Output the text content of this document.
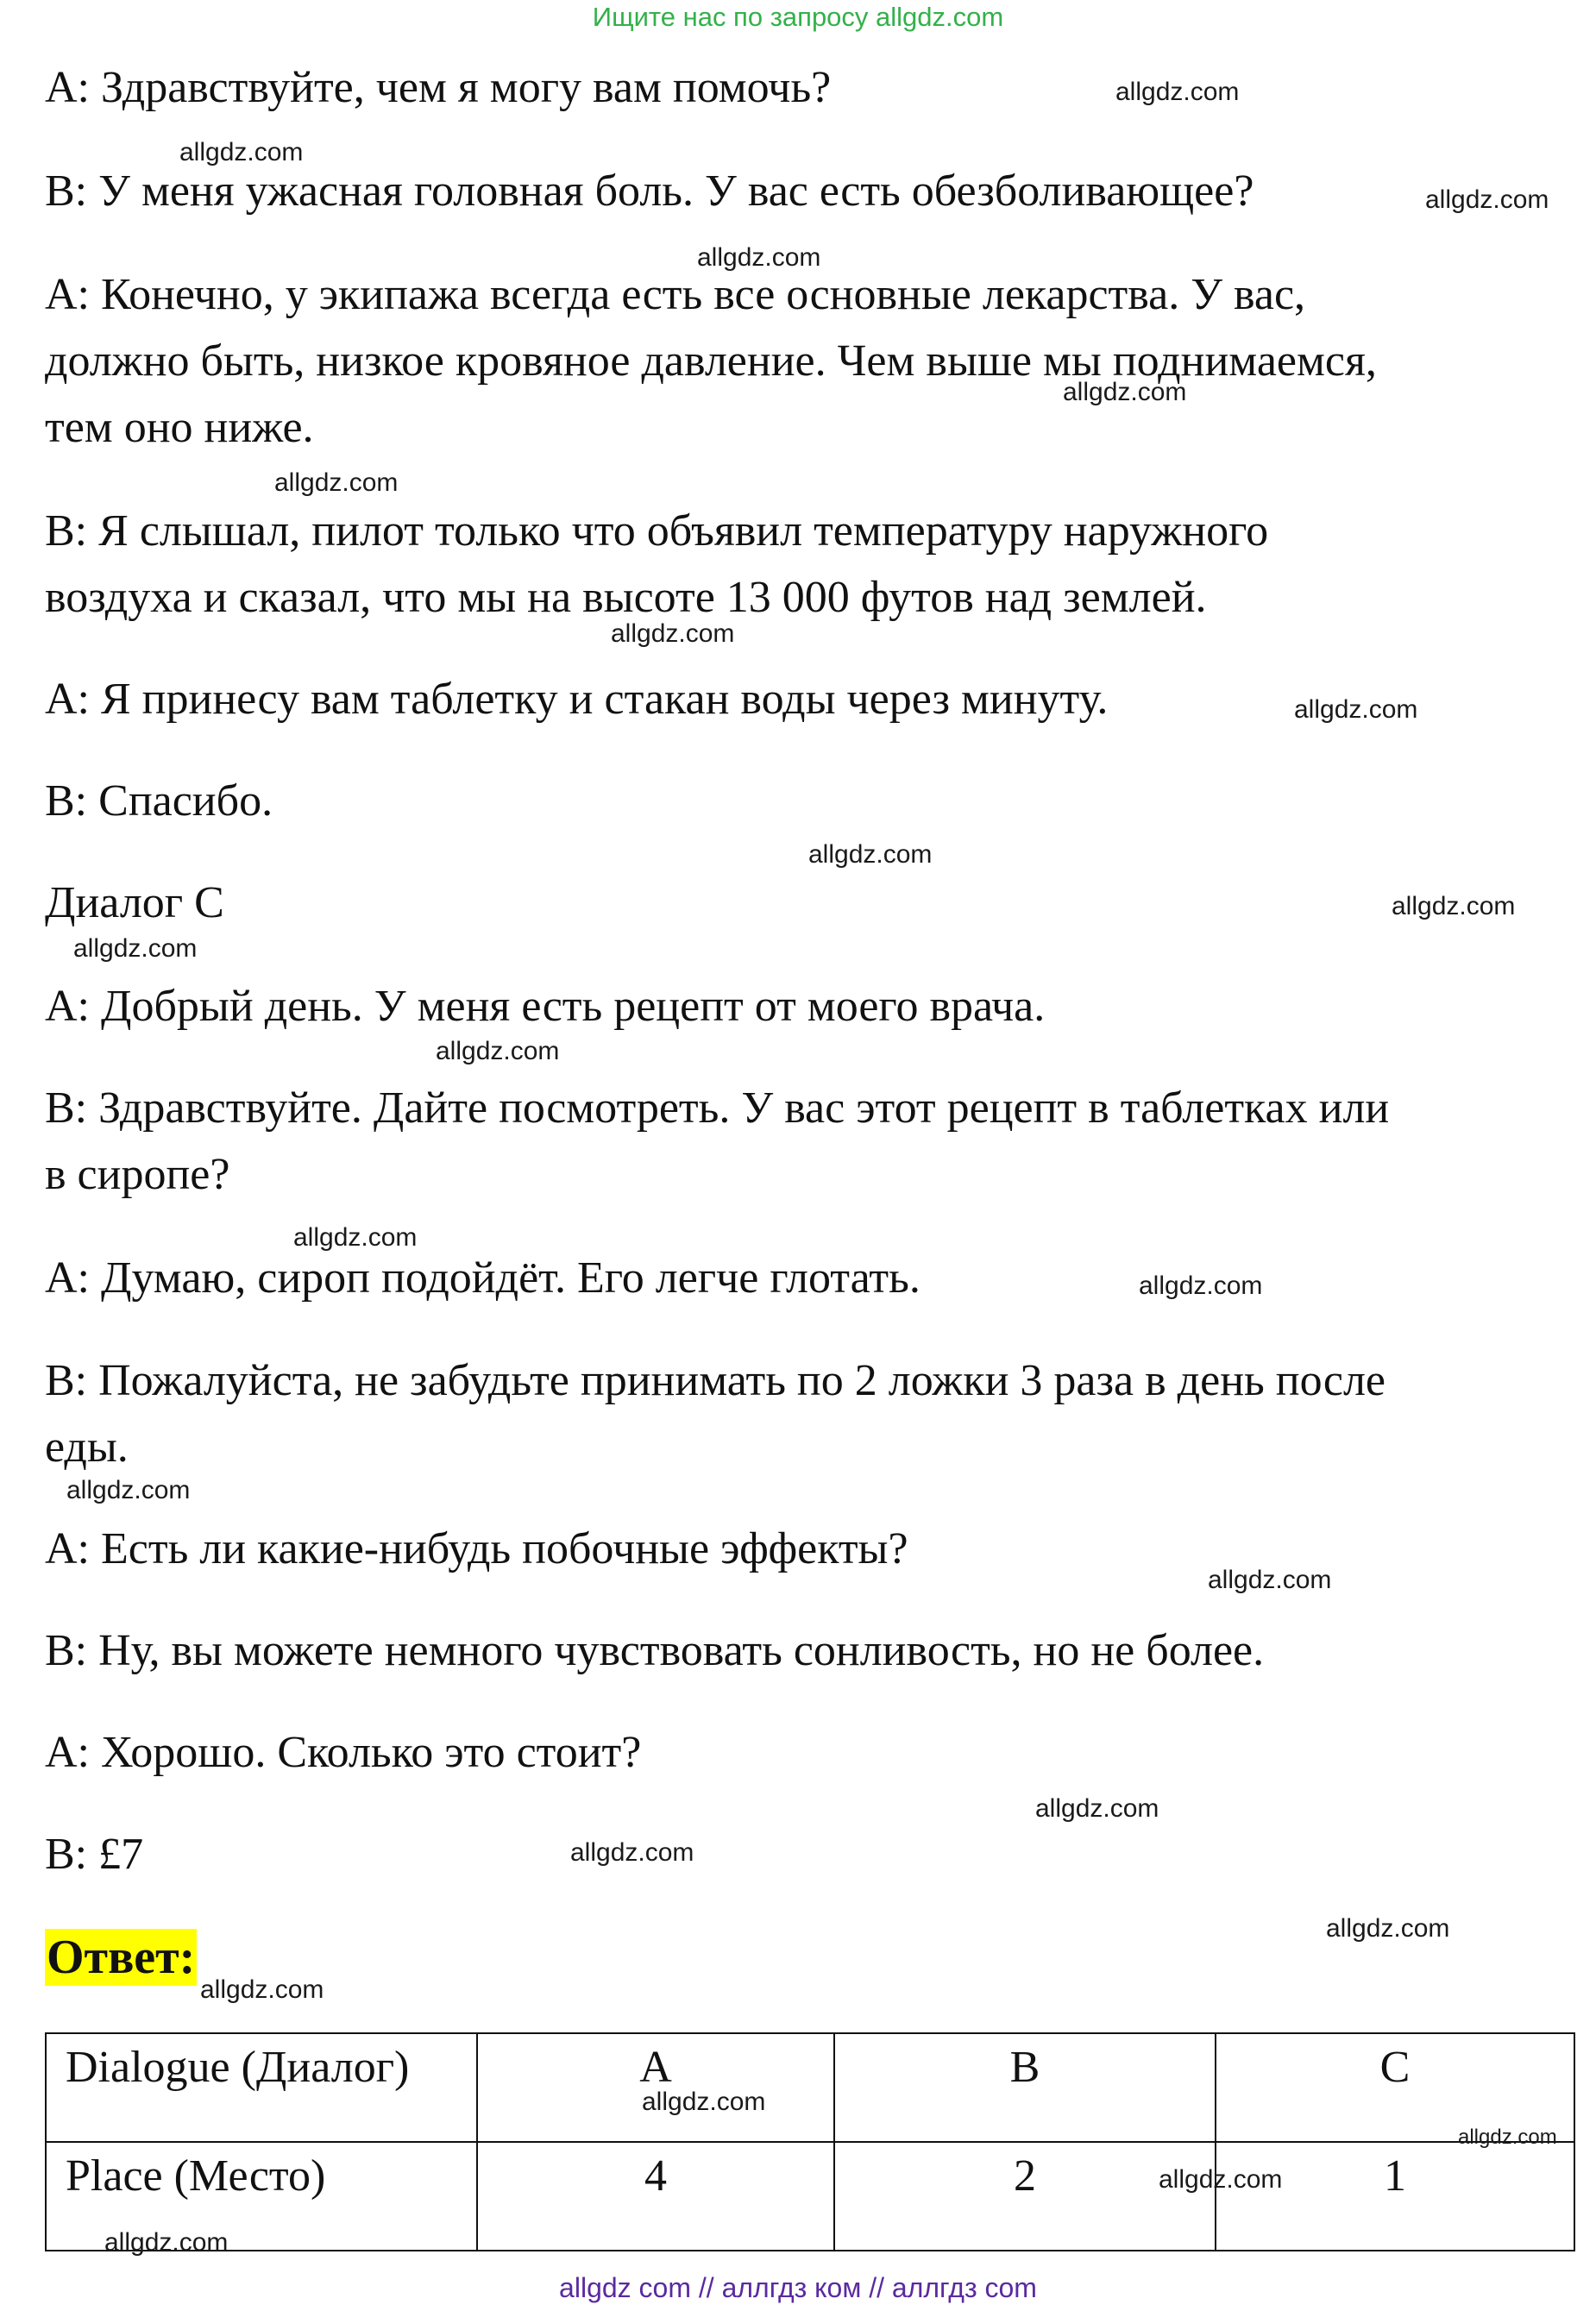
Ищите нас по запросу allgdz.com
A: Здравствуйте, чем я могу вам помочь?
B: У меня ужасная головная боль. У вас есть обезболивающее?
A: Конечно, у экипажа всегда есть все основные лекарства. У вас,
должно быть, низкое кровяное давление. Чем выше мы поднимаемся,
тем оно ниже.
B: Я слышал, пилот только что объявил температуру наружного
воздуха и сказал, что мы на высоте 13 000 футов над землей.
A: Я принесу вам таблетку и стакан воды через минуту.
B: Спасибо.
Диалог C
A: Добрый день. У меня есть рецепт от моего врача.
B: Здравствуйте. Дайте посмотреть. У вас этот рецепт в таблетках или
в сиропе?
A: Думаю, сироп подойдёт. Его легче глотать.
B: Пожалуйста, не забудьте принимать по 2 ложки 3 раза в день после
еды.
A: Есть ли какие-нибудь побочные эффекты?
B: Ну, вы можете немного чувствовать сонливость, но не более.
A: Хорошо. Сколько это стоит?
B: £7
allgdz.com
allgdz.com
allgdz.com
allgdz.com
allgdz.com
allgdz.com
allgdz.com
allgdz.com
allgdz.com
allgdz.com
allgdz.com
allgdz.com
allgdz.com
allgdz.com
allgdz.com
allgdz.com
allgdz.com
allgdz.com
allgdz.com
allgdz.com
Ответ:
Dialogue (Диалог)	A	B	C
Place (Место)	4	2	1
allgdz.com
allgdz.com
allgdz.com
allgdz.com
allgdz com // аллгдз ком // аллгдз com
